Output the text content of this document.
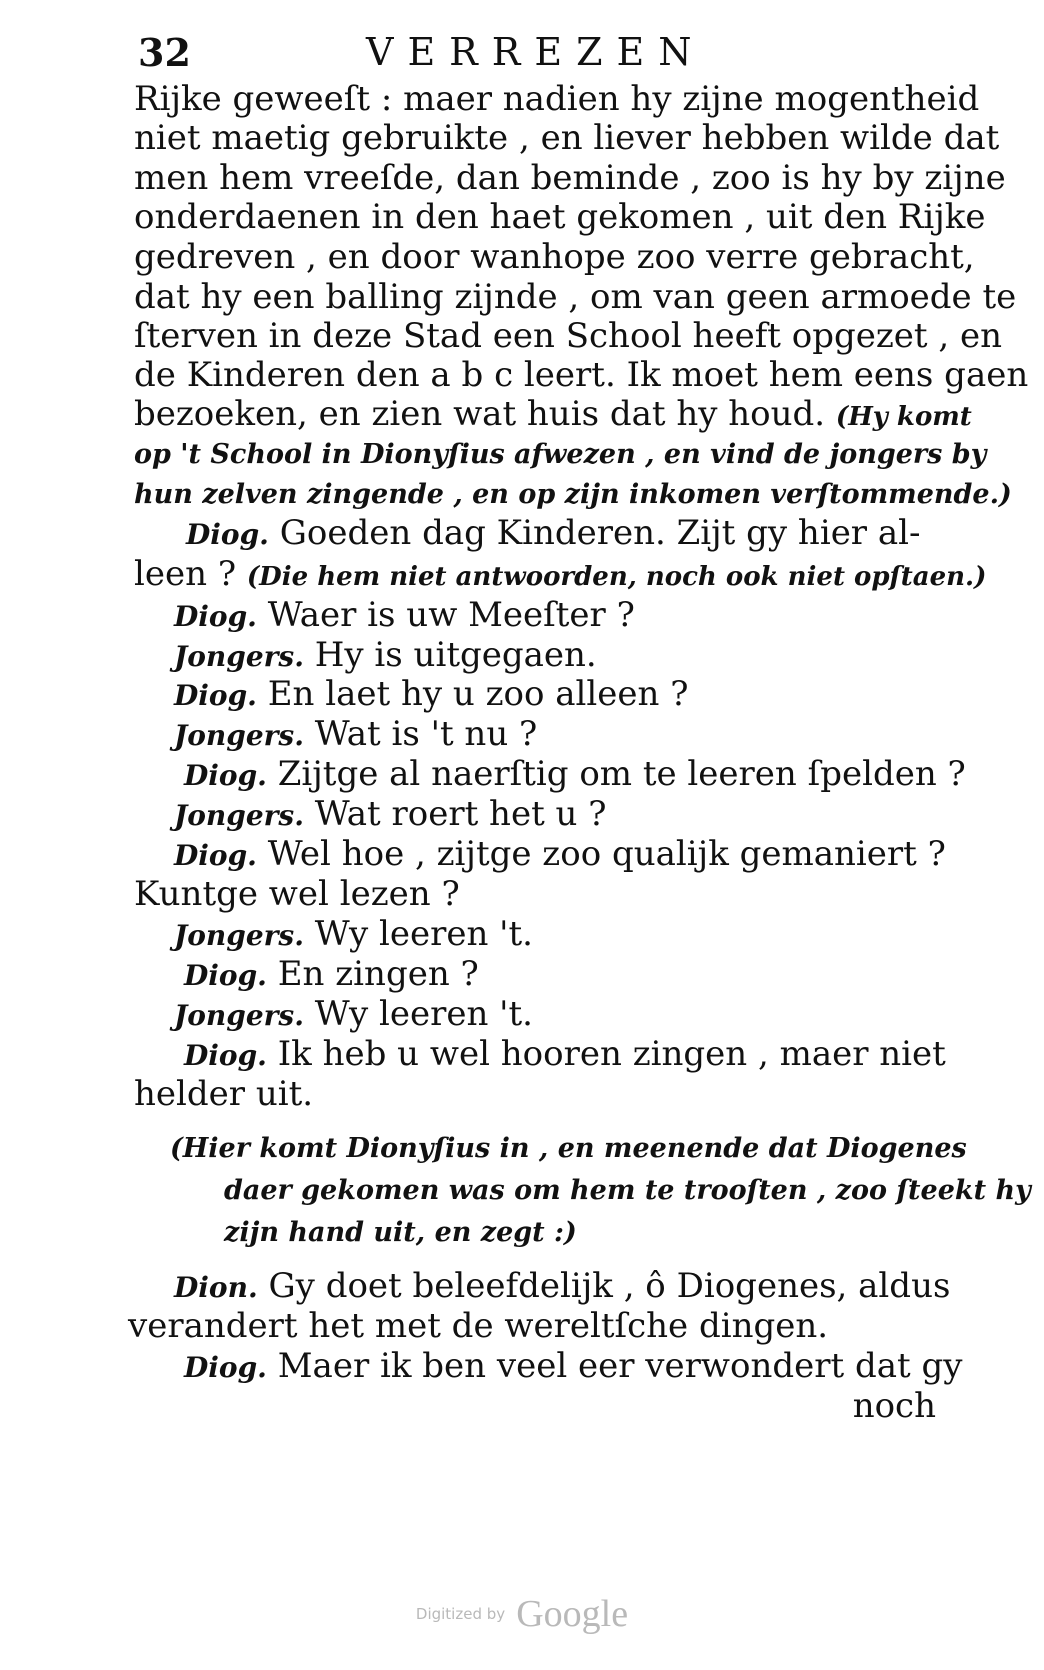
32	VERREZEN
Rijke geweeſt : maer nadien hy zijne mogentheid
niet maetig gebruikte , en liever hebben wilde dat
men hem vreeſde, dan beminde , zoo is hy by zijne
onderdaenen in den haet gekomen , uit den Rijke
gedreven , en door wanhope zoo verre gebracht,
dat hy een balling zijnde , om van geen armoede te
ſterven in deze Stad een School heeft opgezet , en
de Kinderen den a b c leert. Ik moet hem eens gaen
bezoeken, en zien wat huis dat hy houd. (Hy komt
op 't School in Dionyſius afwezen , en vind de jongers by
hun zelven zingende , en op zijn inkomen verſtommende.)
Diog. Goeden dag Kinderen. Zijt gy hier al-
leen ? (Die hem niet antwoorden, noch ook niet opſtaen.)
Diog. Waer is uw Meeſter ?
Jongers. Hy is uitgegaen.
Diog. En laet hy u zoo alleen ?
Jongers. Wat is 't nu ?
Diog. Zijtge al naerſtig om te leeren ſpelden ?
Jongers. Wat roert het u ?
Diog. Wel hoe , zijtge zoo qualijk gemaniert ?
Kuntge wel lezen ?
Jongers. Wy leeren 't.
Diog. En zingen ?
Jongers. Wy leeren 't.
Diog. Ik heb u wel hooren zingen , maer niet
helder uit.
(Hier komt Dionyſius in , en meenende dat Diogenes
daer gekomen was om hem te trooſten , zoo ſteekt hy
zijn hand uit, en zegt :)
Dion. Gy doet beleefdelijk , ô Diogenes, aldus
verandert het met de wereltſche dingen.
Diog. Maer ik ben veel eer verwondert dat gy
noch
Digitized by Google
